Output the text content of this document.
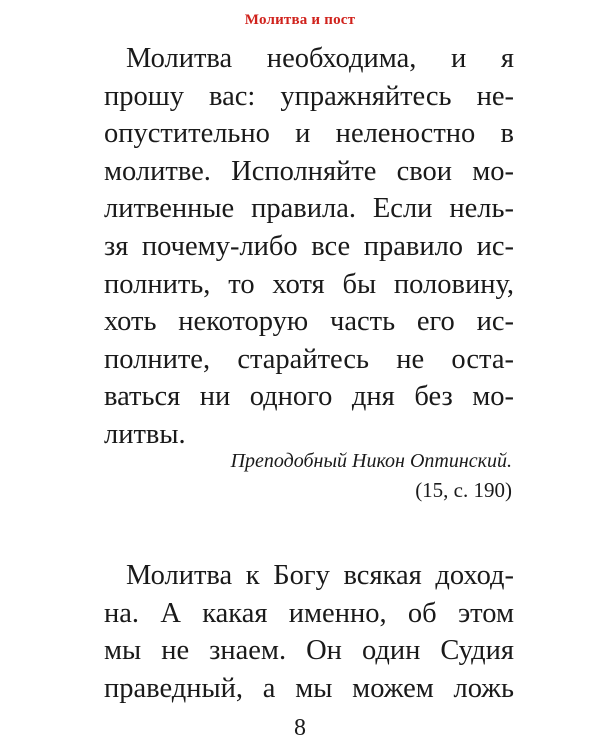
Молитва и пост
Молитва необходима, и я
прошу вас: упражняйтесь не-
опустительно и неленостно в
молитве. Исполняйте свои мо-
литвенные правила. Если нель-
зя почему-либо все правило ис-
полнить, то хотя бы половину,
хоть некоторую часть его ис-
полните, старайтесь не оста-
ваться ни одного дня без мо-
литвы.
Преподобный Никон Оптинский.
(15, с. 190)
Молитва к Богу всякая доход-
на. А какая именно, об этом
мы не знаем. Он один Судия
праведный, а мы можем ложь
8
